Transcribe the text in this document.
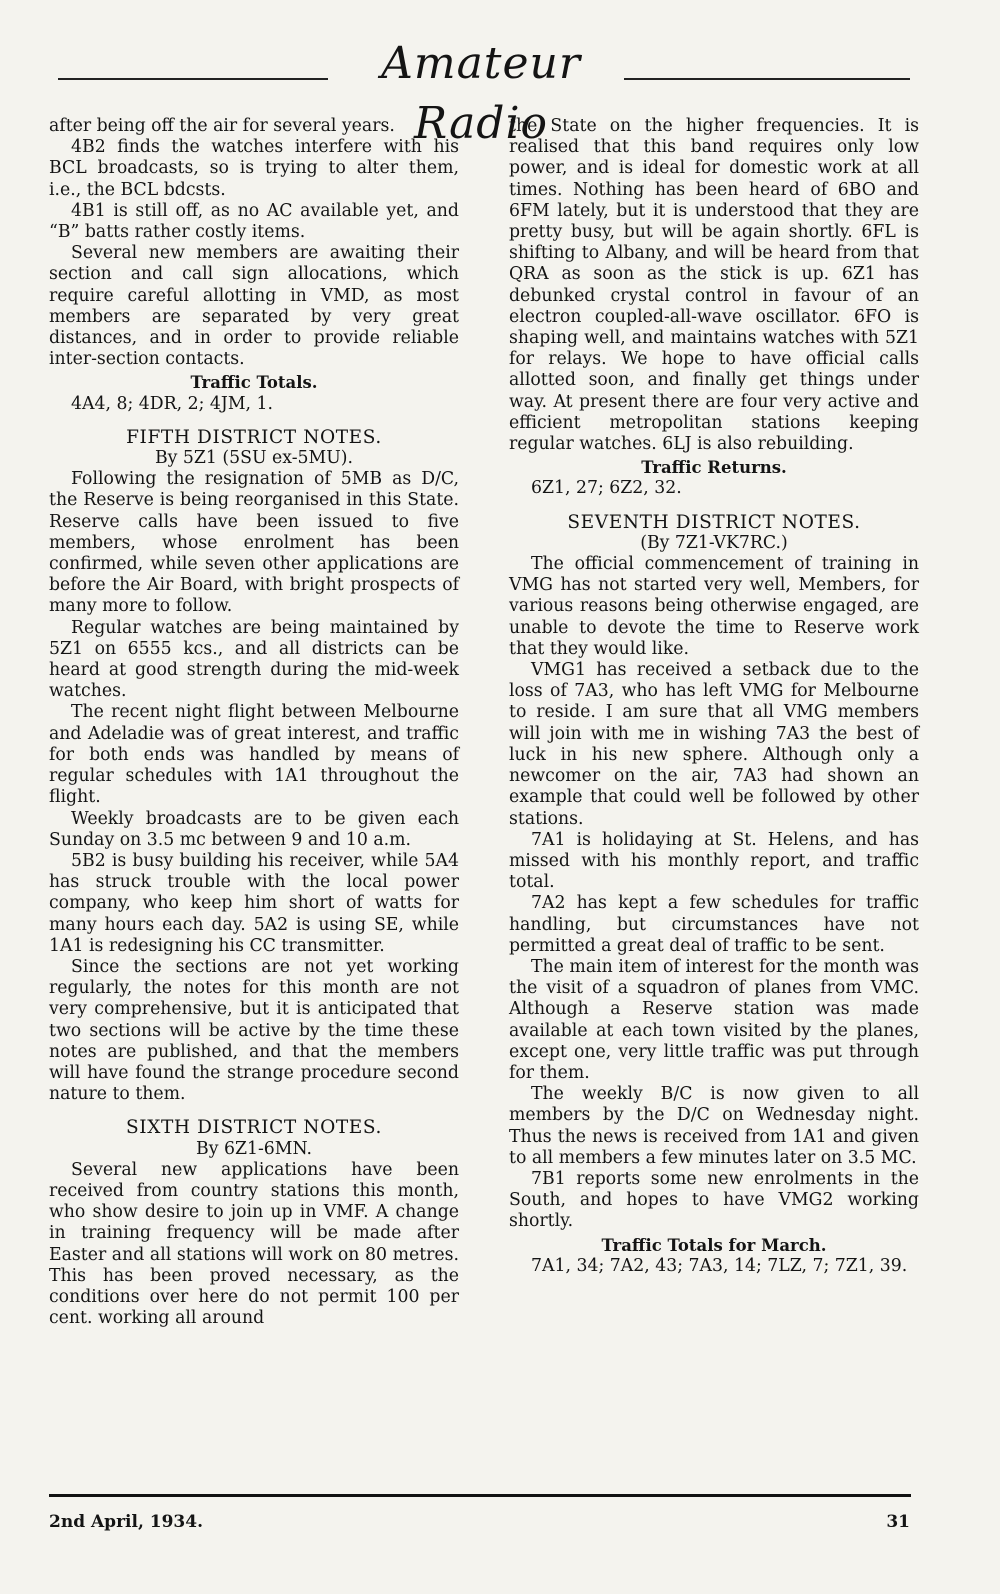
Amateur Radio

after being off the air for several years.

4B2 finds the watches interfere with his BCL broadcasts, so is trying to alter them, i.e., the BCL bdcsts.

4B1 is still off, as no AC available yet, and “B” batts rather costly items.

Several new members are awaiting their section and call sign allocations, which require careful allotting in VMD, as most members are separated by very great distances, and in order to provide reliable inter-section contacts.

Traffic Totals.

4A4, 8; 4DR, 2; 4JM, 1.

FIFTH DISTRICT NOTES.

By 5Z1 (5SU ex-5MU).

Following the resignation of 5MB as D/C, the Reserve is being reorganised in this State. Reserve calls have been issued to five members, whose enrolment has been confirmed, while seven other applications are before the Air Board, with bright prospects of many more to follow.

Regular watches are being maintained by 5Z1 on 6555 kcs., and all districts can be heard at good strength during the mid-week watches.

The recent night flight between Melbourne and Adeladie was of great interest, and traffic for both ends was handled by means of regular schedules with 1A1 throughout the flight.

Weekly broadcasts are to be given each Sunday on 3.5 mc between 9 and 10 a.m.

5B2 is busy building his receiver, while 5A4 has struck trouble with the local power company, who keep him short of watts for many hours each day. 5A2 is using SE, while 1A1 is redesigning his CC transmitter.

Since the sections are not yet working regularly, the notes for this month are not very comprehensive, but it is anticipated that two sections will be active by the time these notes are published, and that the members will have found the strange procedure second nature to them.

SIXTH DISTRICT NOTES.

By 6Z1-6MN.

Several new applications have been received from country stations this month, who show desire to join up in VMF. A change in training frequency will be made after Easter and all stations will work on 80 metres. This has been proved necessary, as the conditions over here do not permit 100 per cent. working all around

the State on the higher frequencies. It is realised that this band requires only low power, and is ideal for domestic work at all times. Nothing has been heard of 6BO and 6FM lately, but it is understood that they are pretty busy, but will be again shortly. 6FL is shifting to Albany, and will be heard from that QRA as soon as the stick is up. 6Z1 has debunked crystal control in favour of an electron coupled-all-wave oscillator. 6FO is shaping well, and maintains watches with 5Z1 for relays. We hope to have official calls allotted soon, and finally get things under way. At present there are four very active and efficient metropolitan stations keeping regular watches. 6LJ is also rebuilding.

Traffic Returns.

6Z1, 27; 6Z2, 32.

SEVENTH DISTRICT NOTES.

(By 7Z1-VK7RC.)

The official commencement of training in VMG has not started very well, Members, for various reasons being otherwise engaged, are unable to devote the time to Reserve work that they would like.

VMG1 has received a setback due to the loss of 7A3, who has left VMG for Melbourne to reside. I am sure that all VMG members will join with me in wishing 7A3 the best of luck in his new sphere. Although only a newcomer on the air, 7A3 had shown an example that could well be followed by other stations.

7A1 is holidaying at St. Helens, and has missed with his monthly report, and traffic total.

7A2 has kept a few schedules for traffic handling, but circumstances have not permitted a great deal of traffic to be sent.

The main item of interest for the month was the visit of a squadron of planes from VMC. Although a Reserve station was made available at each town visited by the planes, except one, very little traffic was put through for them.

The weekly B/C is now given to all members by the D/C on Wednesday night. Thus the news is received from 1A1 and given to all members a few minutes later on 3.5 MC.

7B1 reports some new enrolments in the South, and hopes to have VMG2 working shortly.

Traffic Totals for March.

7A1, 34; 7A2, 43; 7A3, 14; 7LZ, 7; 7Z1, 39.

2nd April, 1934.	31
